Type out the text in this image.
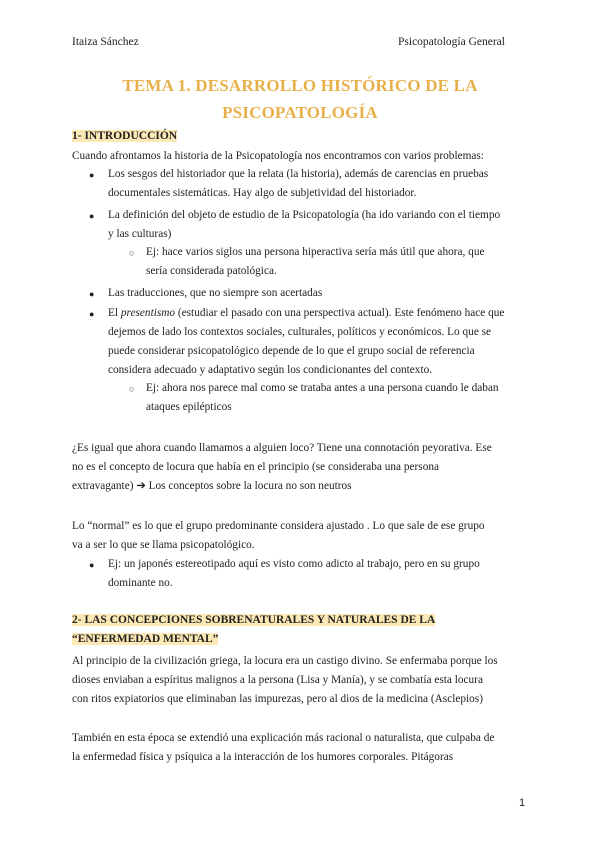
Itaiza Sánchez	Psicopatología General
TEMA 1. DESARROLLO HISTÓRICO DE LA
PSICOPATOLOGÍA
1- INTRODUCCIÓN
Cuando afrontamos la historia de la Psicopatología nos encontramos con varios problemas:
● Los sesgos del historiador que la relata (la historia), además de carencias en pruebas
documentales sistemáticas. Hay algo de subjetividad del historiador.
● La definición del objeto de estudio de la Psicopatología (ha ido variando con el tiempo
y las culturas)
○ Ej: hace varios siglos una persona hiperactiva sería más útil que ahora, que
sería considerada patológica.
● Las traducciones, que no siempre son acertadas
● El presentismo (estudiar el pasado con una perspectiva actual). Este fenómeno hace que
dejemos de lado los contextos sociales, culturales, políticos y económicos. Lo que se
puede considerar psicopatológico depende de lo que el grupo social de referencia
considera adecuado y adaptativo según los condicionantes del contexto.
○ Ej: ahora nos parece mal como se trataba antes a una persona cuando le daban
ataques epilépticos
¿Es igual que ahora cuando llamamos a alguien loco? Tiene una connotación peyorativa. Ese
no es el concepto de locura que había en el principio (se consideraba una persona
extravagante) ➔ Los conceptos sobre la locura no son neutros
Lo “normal” es lo que el grupo predominante considera ajustado . Lo que sale de ese grupo
va a ser lo que se llama psicopatológico.
● Ej: un japonés estereotipado aquí es visto como adicto al trabajo, pero en su grupo
dominante no.
2- LAS CONCEPCIONES SOBRENATURALES Y NATURALES DE LA
“ENFERMEDAD MENTAL”
Al principio de la civilización griega, la locura era un castigo divino. Se enfermaba porque los
dioses enviaban a espíritus malignos a la persona (Lisa y Manía), y se combatía esta locura
con ritos expiatorios que eliminaban las impurezas, pero al dios de la medicina (Asclepios)
También en esta época se extendió una explicación más racional o naturalista, que culpaba de
la enfermedad física y psíquica a la interacción de los humores corporales. Pitágoras
1
